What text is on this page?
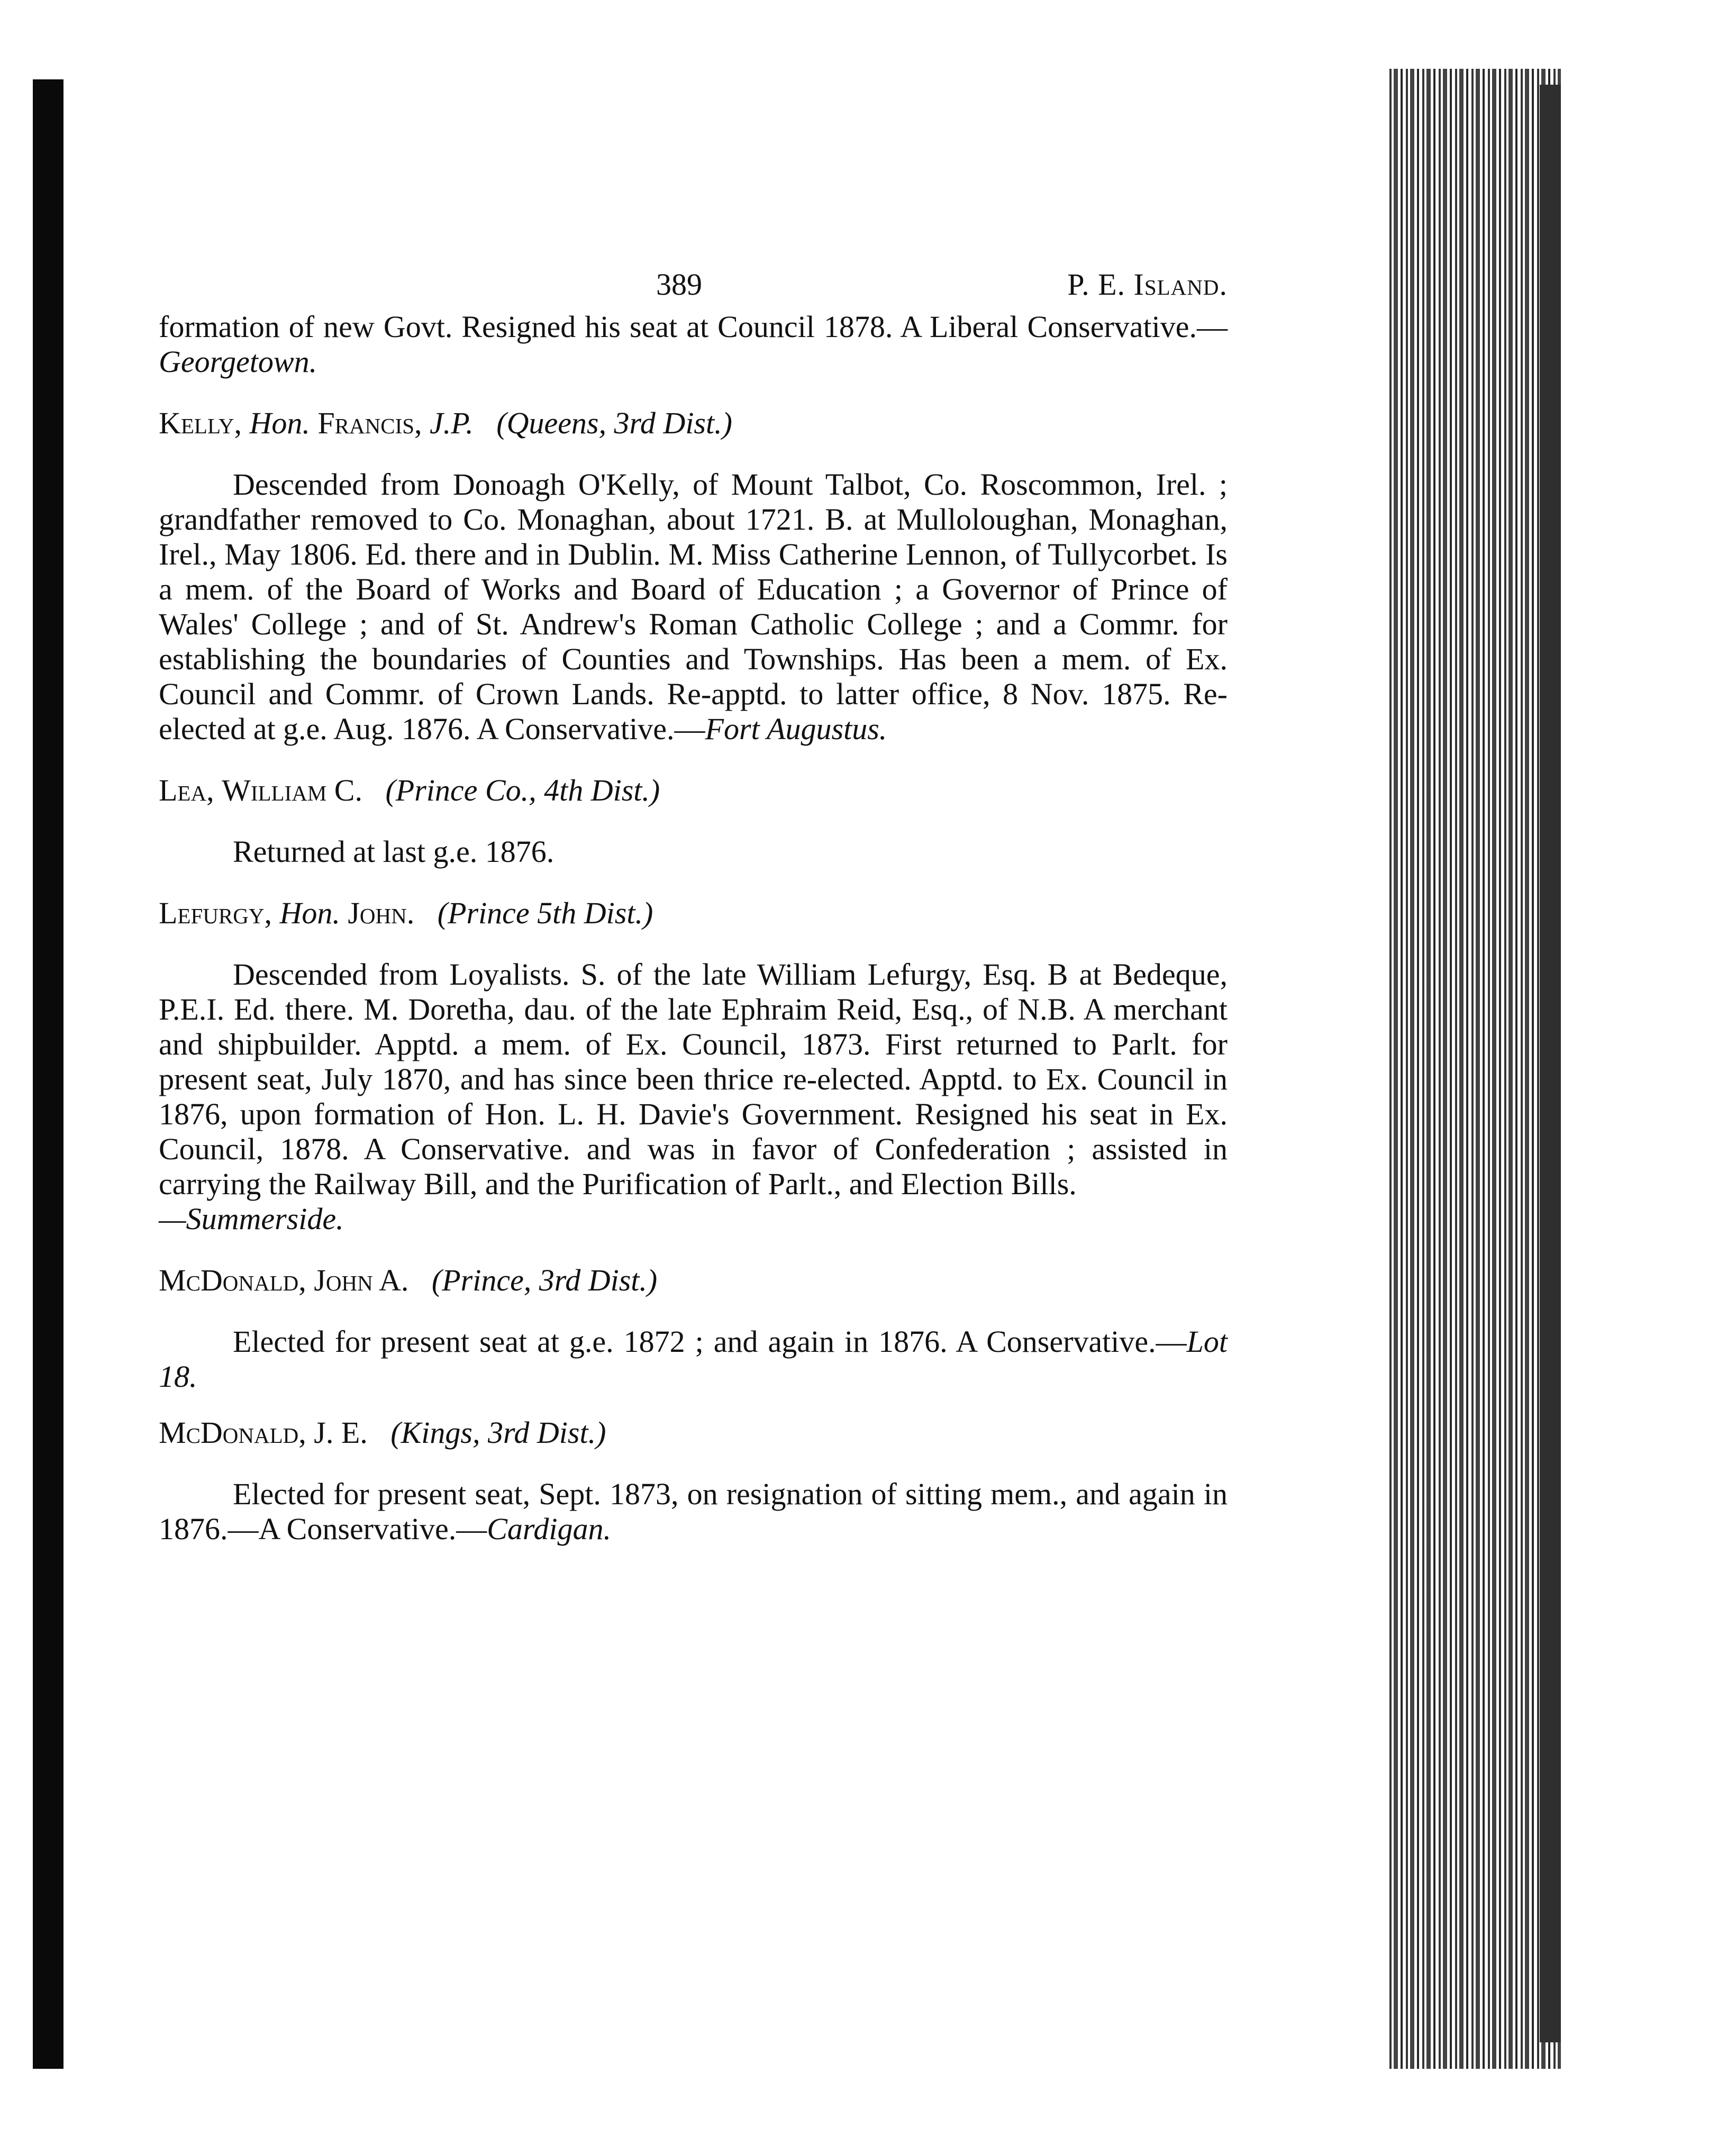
389	P. E. Island.

formation of new Govt. Resigned his seat at Council 1878. A Liberal Conservative.—Georgetown.

Kelly, Hon. Francis, J.P. (Queens, 3rd Dist.)

Descended from Donoagh O'Kelly, of Mount Talbot, Co. Roscommon, Irel. ; grandfather removed to Co. Monaghan, about 1721. B. at Mulloloughan, Monaghan, Irel., May 1806. Ed. there and in Dublin. M. Miss Catherine Lennon, of Tullycorbet. Is a mem. of the Board of Works and Board of Education ; a Governor of Prince of Wales' College ; and of St. Andrew's Roman Catholic College ; and a Commr. for establishing the boundaries of Counties and Townships. Has been a mem. of Ex. Council and Commr. of Crown Lands. Re-apptd. to latter office, 8 Nov. 1875. Re-elected at g.e. Aug. 1876. A Conservative.—Fort Augustus.

Lea, William C. (Prince Co., 4th Dist.)

Returned at last g.e. 1876.

Lefurgy, Hon. John. (Prince 5th Dist.)

Descended from Loyalists. S. of the late William Lefurgy, Esq. B at Bedeque, P.E.I. Ed. there. M. Doretha, dau. of the late Ephraim Reid, Esq., of N.B. A merchant and shipbuilder. Apptd. a mem. of Ex. Council, 1873. First returned to Parlt. for present seat, July 1870, and has since been thrice re-elected. Apptd. to Ex. Council in 1876, upon formation of Hon. L. H. Davie's Government. Resigned his seat in Ex. Council, 1878. A Conservative. and was in favor of Confederation ; assisted in carrying the Railway Bill, and the Purification of Parlt., and Election Bills.
—Summerside.

McDonald, John A. (Prince, 3rd Dist.)

Elected for present seat at g.e. 1872 ; and again in 1876. A Conservative.—Lot 18.

McDonald, J. E. (Kings, 3rd Dist.)

Elected for present seat, Sept. 1873, on resignation of sitting mem., and again in 1876.—A Conservative.—Cardigan.
